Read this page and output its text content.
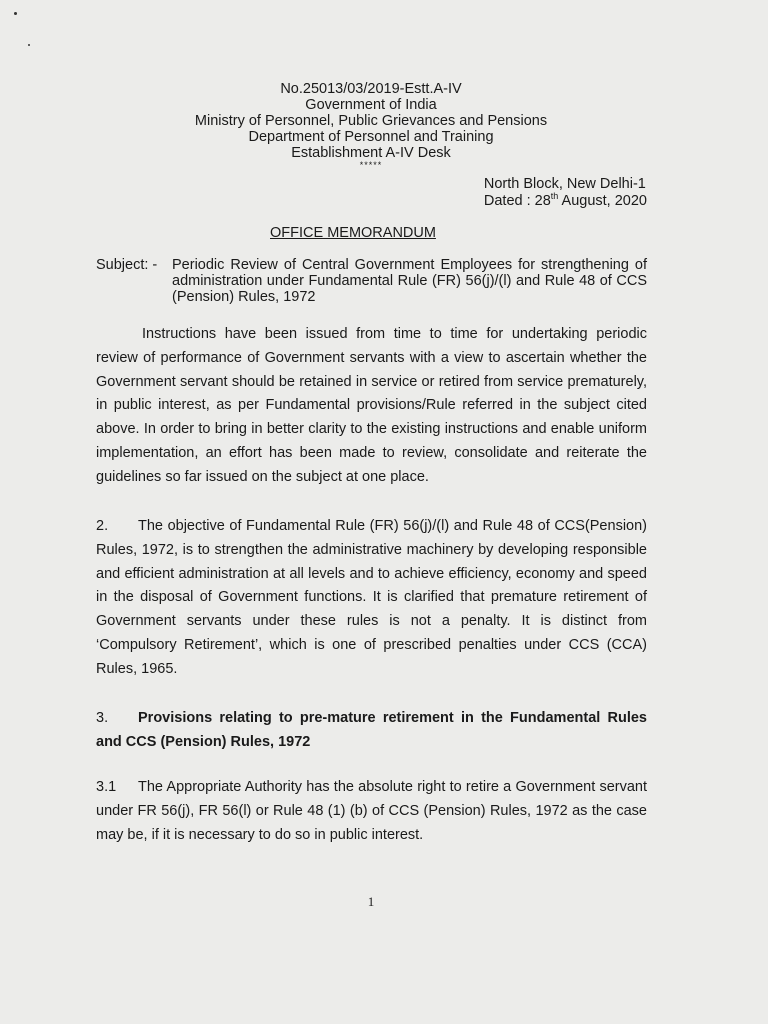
No.25013/03/2019-Estt.A-IV
Government of India
Ministry of Personnel, Public Grievances and Pensions
Department of Personnel and Training
Establishment A-IV Desk
*****
North Block, New Delhi-1
Dated : 28th August, 2020
OFFICE MEMORANDUM
Subject: - Periodic Review of Central Government Employees for strengthening of administration under Fundamental Rule (FR) 56(j)/(l) and Rule 48 of CCS (Pension) Rules, 1972
Instructions have been issued from time to time for undertaking periodic review of performance of Government servants with a view to ascertain whether the Government servant should be retained in service or retired from service prematurely, in public interest, as per Fundamental provisions/Rule referred in the subject cited above. In order to bring in better clarity to the existing instructions and enable uniform implementation, an effort has been made to review, consolidate and reiterate the guidelines so far issued on the subject at one place.
2. The objective of Fundamental Rule (FR) 56(j)/(l) and Rule 48 of CCS(Pension) Rules, 1972, is to strengthen the administrative machinery by developing responsible and efficient administration at all levels and to achieve efficiency, economy and speed in the disposal of Government functions. It is clarified that premature retirement of Government servants under these rules is not a penalty. It is distinct from ‘Compulsory Retirement’, which is one of prescribed penalties under CCS (CCA) Rules, 1965.
3. Provisions relating to pre-mature retirement in the Fundamental Rules and CCS (Pension) Rules, 1972
3.1 The Appropriate Authority has the absolute right to retire a Government servant under FR 56(j), FR 56(l) or Rule 48 (1) (b) of CCS (Pension) Rules, 1972 as the case may be, if it is necessary to do so in public interest.
1
